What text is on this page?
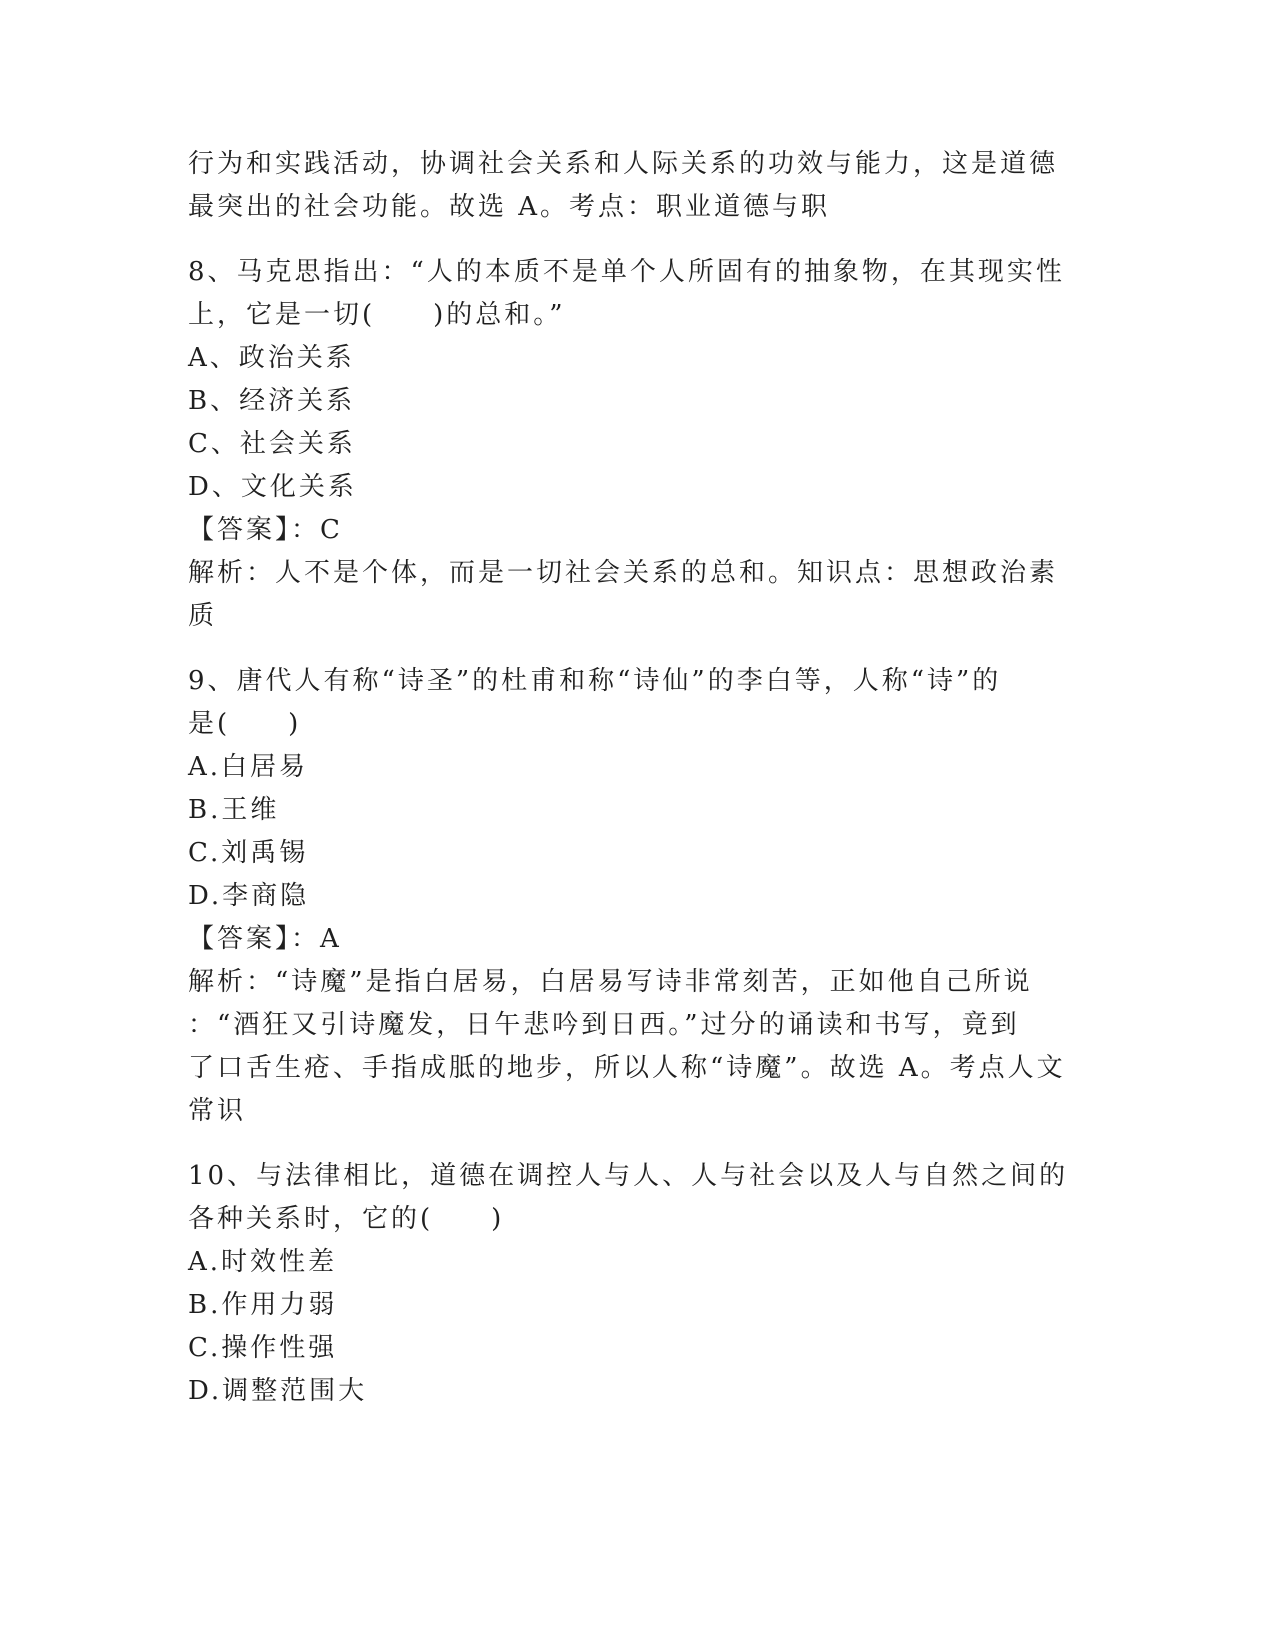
行为和实践活动，协调社会关系和人际关系的功效与能力，这是道德
最突出的社会功能。故选 A。考点：职业道德与职
8、马克思指出：“人的本质不是单个人所固有的抽象物，在其现实性
上，它是一切(　　)的总和。”
A、政治关系
B、经济关系
C、社会关系
D、文化关系
【答案】：C
解析：人不是个体，而是一切社会关系的总和。知识点：思想政治素
质
9、唐代人有称“诗圣”的杜甫和称“诗仙”的李白等，人称“诗”的
是(　　)
A.白居易
B.王维
C.刘禹锡
D.李商隐
【答案】：A
解析：“诗魔”是指白居易，白居易写诗非常刻苦，正如他自己所说
：“酒狂又引诗魔发，日午悲吟到日西。”过分的诵读和书写，竟到
了口舌生疮、手指成胝的地步，所以人称“诗魔”。故选 A。考点人文
常识
10、与法律相比，道德在调控人与人、人与社会以及人与自然之间的
各种关系时，它的(　　)
A.时效性差
B.作用力弱
C.操作性强
D.调整范围大
